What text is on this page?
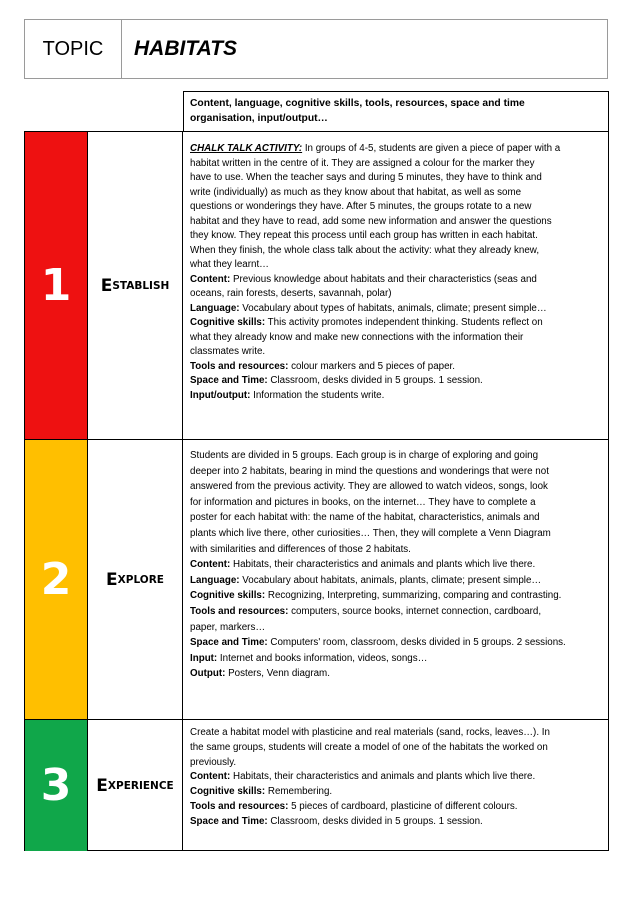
TOPIC	HABITATS
Content, language, cognitive skills, tools, resources, space and time
organisation, input/output…
1	E STABLISH

CHALK TALK ACTIVITY: In groups of 4-5, students are given a piece of paper with a

habitat written in the centre of it. They are assigned a colour for the marker they

have to use. When the teacher says and during 5 minutes, they have to think and

write (individually) as much as they know about that habitat, as well as some

questions or wonderings they have. After 5 minutes, the groups rotate to a new

habitat and they have to read, add some new information and answer the questions

they know. They repeat this process until each group has written in each habitat.

When they finish, the whole class talk about the activity: what they already knew,

what they learnt…

Content: Previous knowledge about habitats and their characteristics (seas and

oceans, rain forests, deserts, savannah, polar)

Language: Vocabulary about types of habitats, animals, climate; present simple…

Cognitive skills: This activity promotes independent thinking. Students reflect on

what they already know and make new connections with the information their

classmates write.

Tools and resources: colour markers and 5 pieces of paper.

Space and Time: Classroom, desks divided in 5 groups. 1 session.

Input/output: Information the students write.

2	E XPLORE

Students are divided in 5 groups. Each group is in charge of exploring and going

deeper into 2 habitats, bearing in mind the questions and wonderings that were not

answered from the previous activity. They are allowed to watch videos, songs, look

for information and pictures in books, on the internet… They have to complete a

poster for each habitat with: the name of the habitat, characteristics, animals and

plants which live there, other curiosities… Then, they will complete a Venn Diagram

with similarities and differences of those 2 habitats.

Content: Habitats, their characteristics and animals and plants which live there.

Language: Vocabulary about habitats, animals, plants, climate; present simple…

Cognitive skills: Recognizing, Interpreting, summarizing, comparing and contrasting.

Tools and resources: computers, source books, internet connection, cardboard,

paper, markers…

Space and Time: Computers' room, classroom, desks divided in 5 groups. 2 sessions.

Input: Internet and books information, videos, songs…

Output: Posters, Venn diagram.

3	E XPERIENCE

Create a habitat model with plasticine and real materials (sand, rocks, leaves…). In

the same groups, students will create a model of one of the habitats the worked on

previously.

Content: Habitats, their characteristics and animals and plants which live there.

Cognitive skills: Remembering.

Tools and resources: 5 pieces of cardboard, plasticine of different colours.

Space and Time: Classroom, desks divided in 5 groups. 1 session.
